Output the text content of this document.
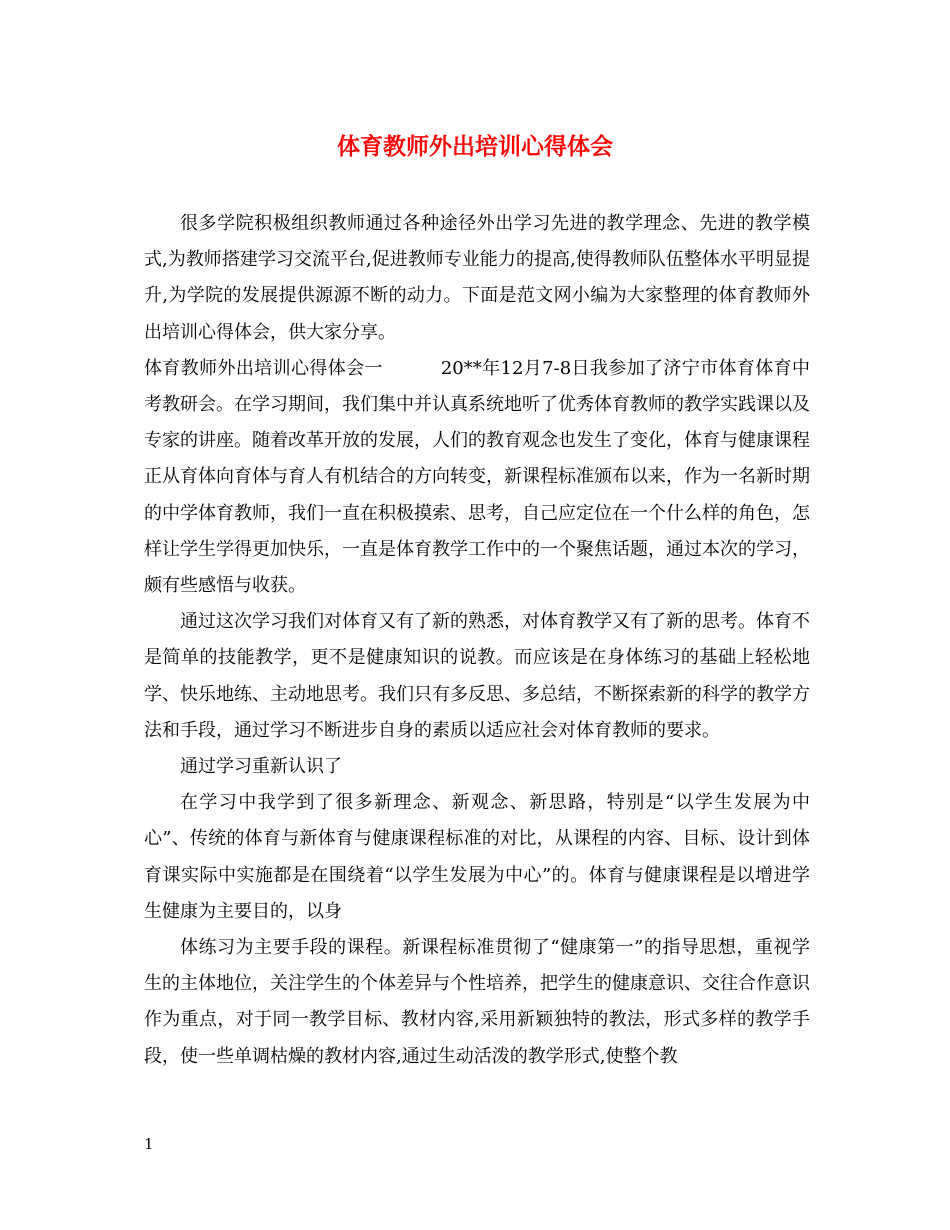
体育教师外出培训心得体会

很多学院积极组织教师通过各种途径外出学习先进的教学理念、先进的教学模式,为教师搭建学习交流平台,促进教师专业能力的提高,使得教师队伍整体水平明显提升,为学院的发展提供源源不断的动力。下面是范文网小编为大家整理的体育教师外出培训心得体会，供大家分享。

体育教师外出培训心得体会一	20**年12月7-8日我参加了济宁市体育体育中考教研会。在学习期间，我们集中并认真系统地听了优秀体育教师的教学实践课以及专家的讲座。随着改革开放的发展，人们的教育观念也发生了变化，体育与健康课程正从育体向育体与育人有机结合的方向转变，新课程标准颁布以来，作为一名新时期的中学体育教师，我们一直在积极摸索、思考，自己应定位在一个什么样的角色，怎样让学生学得更加快乐，一直是体育教学工作中的一个聚焦话题，通过本次的学习，颇有些感悟与收获。

通过这次学习我们对体育又有了新的熟悉，对体育教学又有了新的思考。体育不是简单的技能教学，更不是健康知识的说教。而应该是在身体练习的基础上轻松地学、快乐地练、主动地思考。我们只有多反思、多总结，不断探索新的科学的教学方法和手段，通过学习不断进步自身的素质以适应社会对体育教师的要求。

通过学习重新认识了

在学习中我学到了很多新理念、新观念、新思路，特别是“以学生发展为中心”、传统的体育与新体育与健康课程标准的对比，从课程的内容、目标、设计到体育课实际中实施都是在围绕着“以学生发展为中心”的。体育与健康课程是以增进学生健康为主要目的，以身

体练习为主要手段的课程。新课程标准贯彻了“健康第一”的指导思想，重视学生的主体地位，关注学生的个体差异与个性培养，把学生的健康意识、交往合作意识作为重点，对于同一教学目标、教材内容,采用新颖独特的教法，形式多样的教学手段，使一些单调枯燥的教材内容,通过生动活泼的教学形式,使整个教

1
